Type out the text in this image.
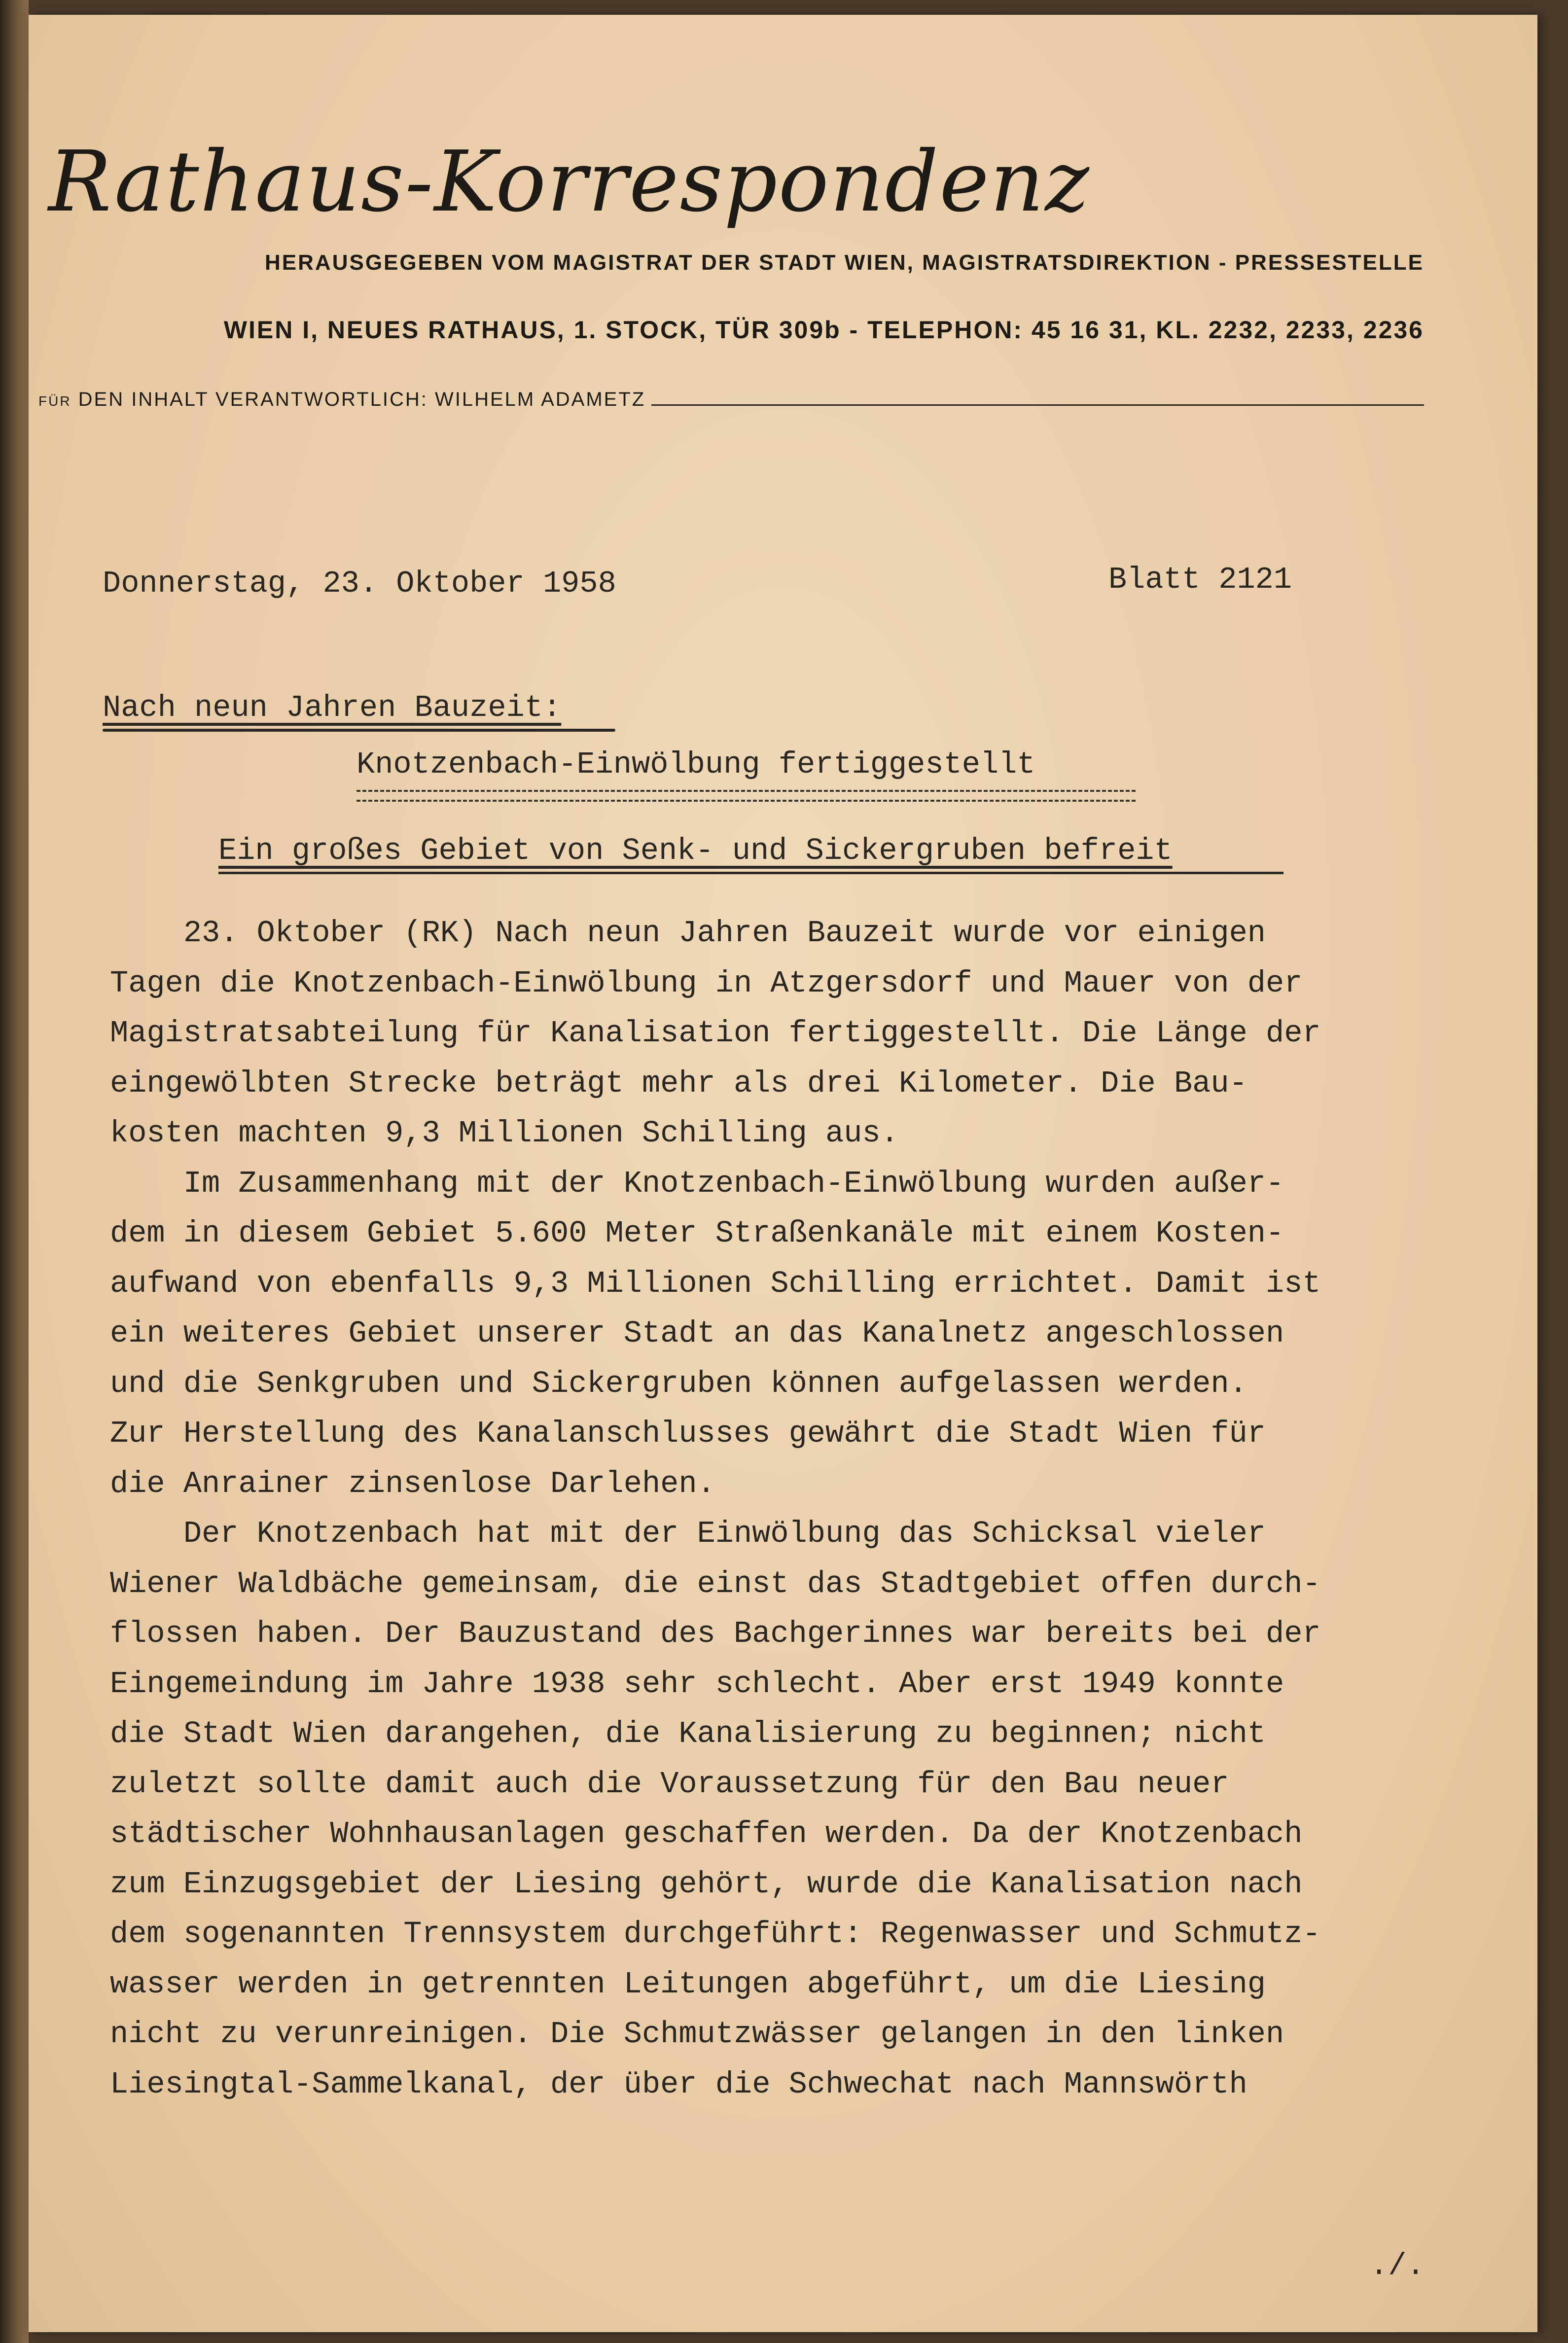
Rathaus-Korrespondenz
HERAUSGEGEBEN VOM MAGISTRAT DER STADT WIEN, MAGISTRATSDIREKTION - PRESSESTELLE
WIEN I, NEUES RATHAUS, 1. STOCK, TÜR 309b - TELEPHON: 45 16 31, KL. 2232, 2233, 2236
FÜR DEN INHALT VERANTWORTLICH: WILHELM ADAMETZ
Donnerstag, 23. Oktober 1958	Blatt 2121
Nach neun Jahren Bauzeit:
Knotzenbach-Einwölbung fertiggestellt
Ein großes Gebiet von Senk- und Sickergruben befreit
23. Oktober (RK) Nach neun Jahren Bauzeit wurde vor einigen
Tagen die Knotzenbach-Einwölbung in Atzgersdorf und Mauer von der
Magistratsabteilung für Kanalisation fertiggestellt. Die Länge der
eingewölbten Strecke beträgt mehr als drei Kilometer. Die Bau-
kosten machten 9,3 Millionen Schilling aus.
Im Zusammenhang mit der Knotzenbach-Einwölbung wurden außer-
dem in diesem Gebiet 5.600 Meter Straßenkanäle mit einem Kosten-
aufwand von ebenfalls 9,3 Millionen Schilling errichtet. Damit ist
ein weiteres Gebiet unserer Stadt an das Kanalnetz angeschlossen
und die Senkgruben und Sickergruben können aufgelassen werden.
Zur Herstellung des Kanalanschlusses gewährt die Stadt Wien für
die Anrainer zinsenlose Darlehen.
Der Knotzenbach hat mit der Einwölbung das Schicksal vieler
Wiener Waldbäche gemeinsam, die einst das Stadtgebiet offen durch-
flossen haben. Der Bauzustand des Bachgerinnes war bereits bei der
Eingemeindung im Jahre 1938 sehr schlecht. Aber erst 1949 konnte
die Stadt Wien darangehen, die Kanalisierung zu beginnen; nicht
zuletzt sollte damit auch die Voraussetzung für den Bau neuer
städtischer Wohnhausanlagen geschaffen werden. Da der Knotzenbach
zum Einzugsgebiet der Liesing gehört, wurde die Kanalisation nach
dem sogenannten Trennsystem durchgeführt: Regenwasser und Schmutz-
wasser werden in getrennten Leitungen abgeführt, um die Liesing
nicht zu verunreinigen. Die Schmutzwässer gelangen in den linken
Liesingtal-Sammelkanal, der über die Schwechat nach Mannswörth
./.
